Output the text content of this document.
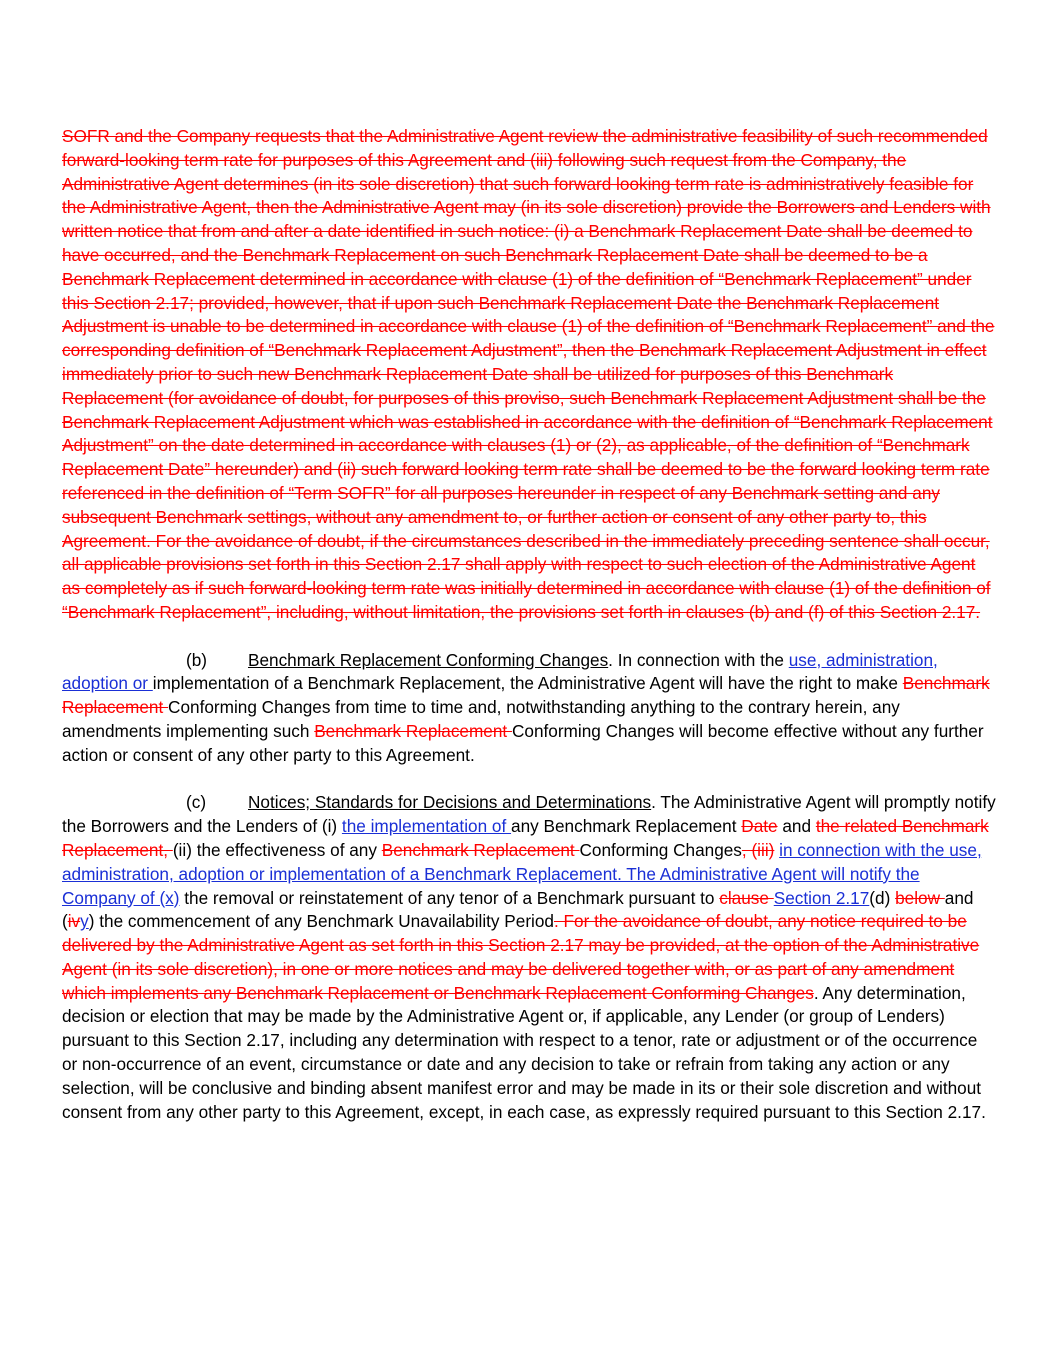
SOFR and the Company requests that the Administrative Agent review the administrative feasibility of such recommended forward-looking term rate for purposes of this Agreement and (iii) following such request from the Company, the Administrative Agent determines (in its sole discretion) that such forward looking term rate is administratively feasible for the Administrative Agent, then the Administrative Agent may (in its sole discretion) provide the Borrowers and Lenders with written notice that from and after a date identified in such notice: (i) a Benchmark Replacement Date shall be deemed to have occurred, and the Benchmark Replacement on such Benchmark Replacement Date shall be deemed to be a Benchmark Replacement determined in accordance with clause (1) of the definition of “Benchmark Replacement” under this Section 2.17; provided, however, that if upon such Benchmark Replacement Date the Benchmark Replacement Adjustment is unable to be determined in accordance with clause (1) of the definition of “Benchmark Replacement” and the corresponding definition of “Benchmark Replacement Adjustment”, then the Benchmark Replacement Adjustment in effect immediately prior to such new Benchmark Replacement Date shall be utilized for purposes of this Benchmark Replacement (for avoidance of doubt, for purposes of this proviso, such Benchmark Replacement Adjustment shall be the Benchmark Replacement Adjustment which was established in accordance with the definition of “Benchmark Replacement Adjustment” on the date determined in accordance with clauses (1) or (2), as applicable, of the definition of “Benchmark Replacement Date” hereunder) and (ii) such forward looking term rate shall be deemed to be the forward looking term rate referenced in the definition of “Term SOFR” for all purposes hereunder in respect of any Benchmark setting and any subsequent Benchmark settings, without any amendment to, or further action or consent of any other party to, this Agreement. For the avoidance of doubt, if the circumstances described in the immediately preceding sentence shall occur, all applicable provisions set forth in this Section 2.17 shall apply with respect to such election of the Administrative Agent as completely as if such forward-looking term rate was initially determined in accordance with clause (1) of the definition of “Benchmark Replacement”, including, without limitation, the provisions set forth in clauses (b) and (f) of this Section 2.17.

(b) Benchmark Replacement Conforming Changes. In connection with the use, administration, adoption or implementation of a Benchmark Replacement, the Administrative Agent will have the right to make Benchmark Replacement Conforming Changes from time to time and, notwithstanding anything to the contrary herein, any amendments implementing such Benchmark Replacement Conforming Changes will become effective without any further action or consent of any other party to this Agreement.

(c) Notices; Standards for Decisions and Determinations. The Administrative Agent will promptly notify the Borrowers and the Lenders of (i) the implementation of any Benchmark Replacement Date and the related Benchmark Replacement, (ii) the effectiveness of any Benchmark Replacement Conforming Changes, (iii) in connection with the use, administration, adoption or implementation of a Benchmark Replacement. The Administrative Agent will notify the Company of (x) the removal or reinstatement of any tenor of a Benchmark pursuant to clause Section 2.17(d) below and (ivy) the commencement of any Benchmark Unavailability Period. For the avoidance of doubt, any notice required to be delivered by the Administrative Agent as set forth in this Section 2.17 may be provided, at the option of the Administrative Agent (in its sole discretion), in one or more notices and may be delivered together with, or as part of any amendment which implements any Benchmark Replacement or Benchmark Replacement Conforming Changes. Any determination, decision or election that may be made by the Administrative Agent or, if applicable, any Lender (or group of Lenders) pursuant to this Section 2.17, including any determination with respect to a tenor, rate or adjustment or of the occurrence or non-occurrence of an event, circumstance or date and any decision to take or refrain from taking any action or any selection, will be conclusive and binding absent manifest error and may be made in its or their sole discretion and without consent from any other party to this Agreement, except, in each case, as expressly required pursuant to this Section 2.17.
